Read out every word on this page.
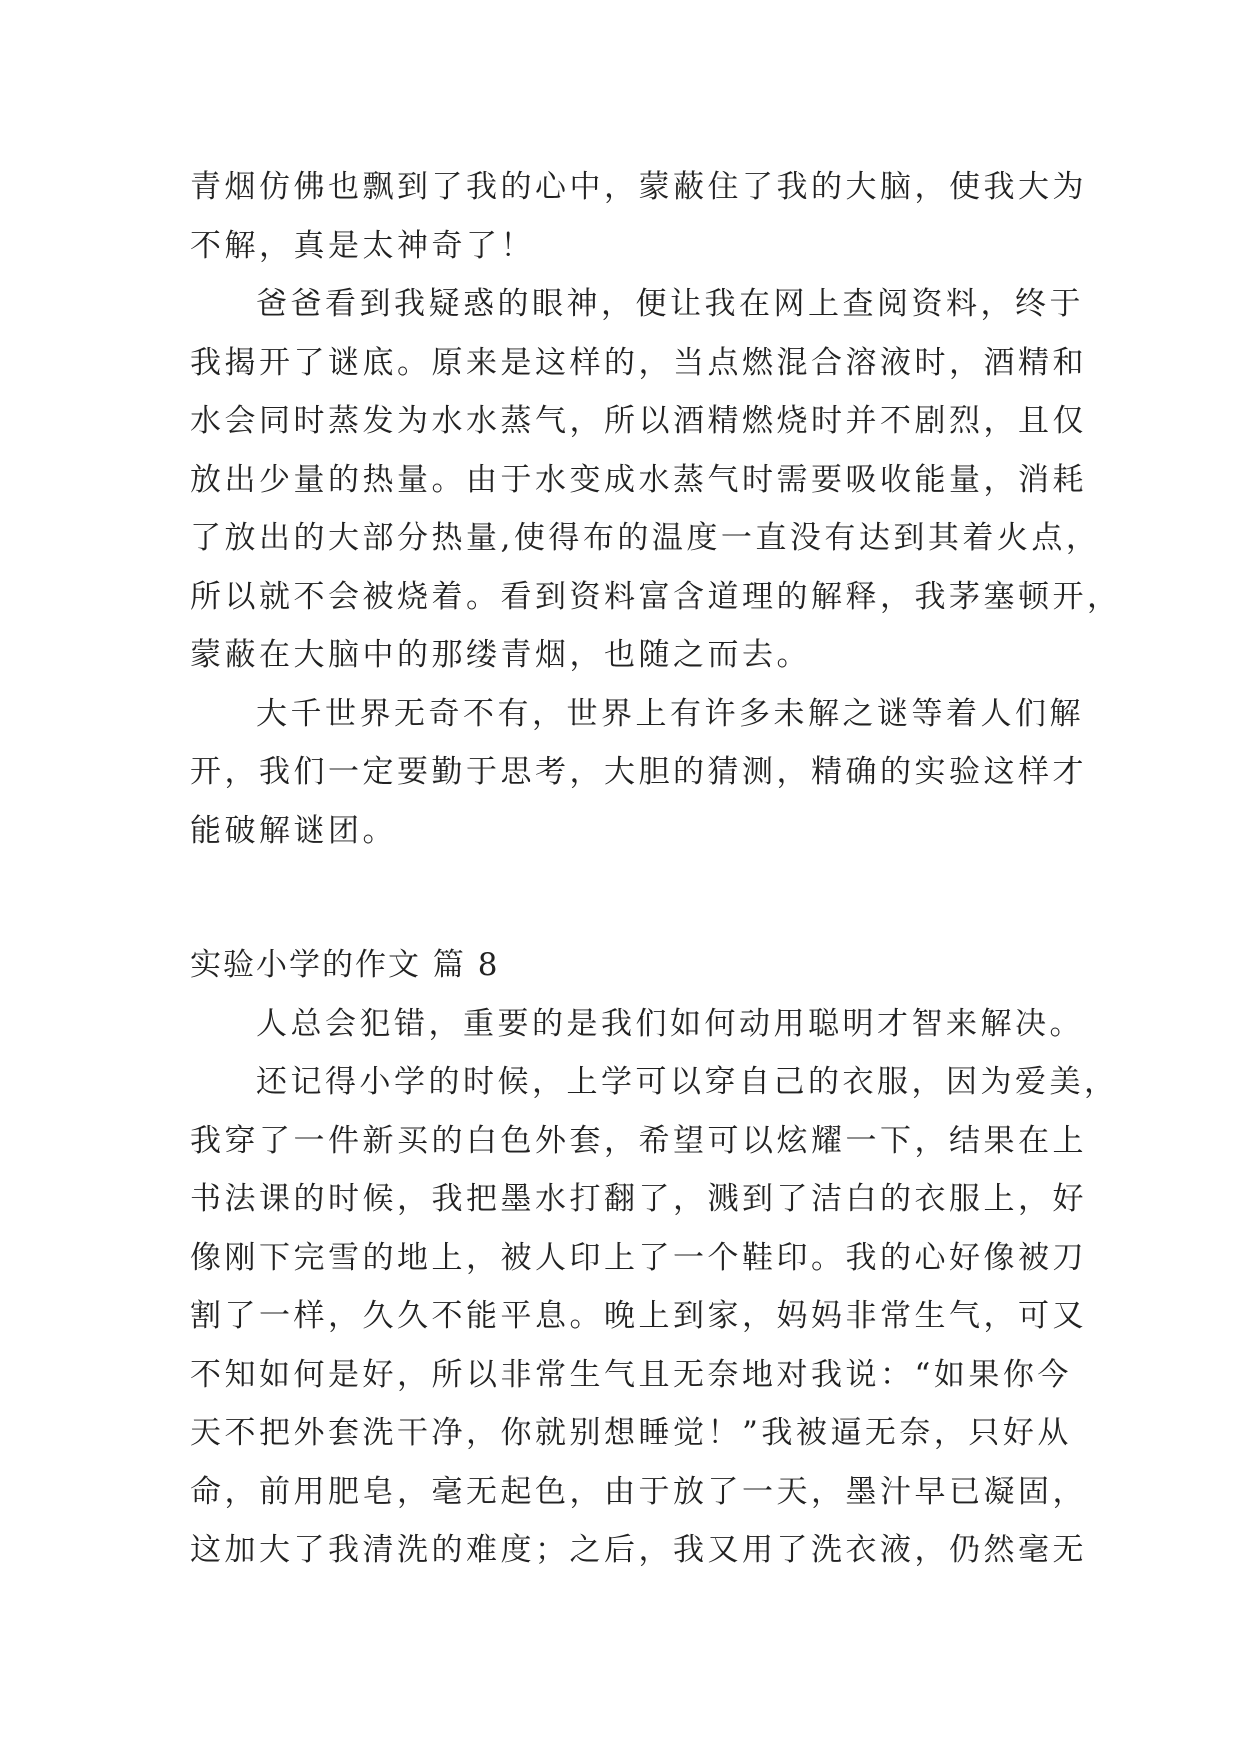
青烟仿佛也飘到了我的心中，蒙蔽住了我的大脑，使我大为
不解，真是太神奇了！
爸爸看到我疑惑的眼神，便让我在网上查阅资料，终于
我揭开了谜底。原来是这样的，当点燃混合溶液时，酒精和
水会同时蒸发为水水蒸气，所以酒精燃烧时并不剧烈，且仅
放出少量的热量。由于水变成水蒸气时需要吸收能量，消耗
了放出的大部分热量,使得布的温度一直没有达到其着火点，
所以就不会被烧着。看到资料富含道理的解释，我茅塞顿开，
蒙蔽在大脑中的那缕青烟，也随之而去。
大千世界无奇不有，世界上有许多未解之谜等着人们解
开，我们一定要勤于思考，大胆的猜测，精确的实验这样才
能破解谜团。
实验小学的作文 篇 8
人总会犯错，重要的是我们如何动用聪明才智来解决。
还记得小学的时候，上学可以穿自己的衣服，因为爱美，
我穿了一件新买的白色外套，希望可以炫耀一下，结果在上
书法课的时候，我把墨水打翻了，溅到了洁白的衣服上，好
像刚下完雪的地上，被人印上了一个鞋印。我的心好像被刀
割了一样，久久不能平息。晚上到家，妈妈非常生气，可又
不知如何是好，所以非常生气且无奈地对我说：“如果你今
天不把外套洗干净，你就别想睡觉！”我被逼无奈，只好从
命，前用肥皂，毫无起色，由于放了一天，墨汁早已凝固，
这加大了我清洗的难度；之后，我又用了洗衣液，仍然毫无
